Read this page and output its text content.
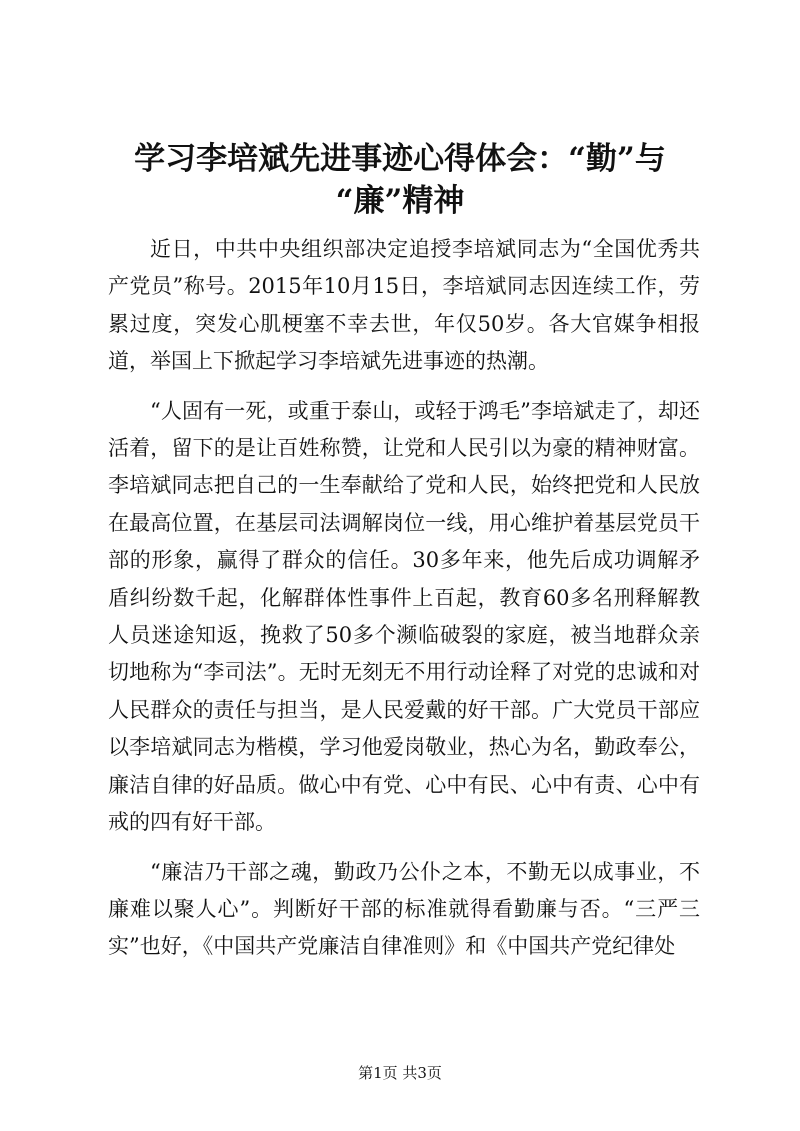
学习李培斌先进事迹心得体会：“勤”与
“廉”精神

近日，中共中央组织部决定追授李培斌同志为“全国优秀共产党员”称号。2015年10月15日，李培斌同志因连续工作，劳累过度，突发心肌梗塞不幸去世，年仅50岁。各大官媒争相报道，举国上下掀起学习李培斌先进事迹的热潮。

“人固有一死，或重于泰山，或轻于鸿毛”李培斌走了，却还活着，留下的是让百姓称赞，让党和人民引以为豪的精神财富。李培斌同志把自己的一生奉献给了党和人民，始终把党和人民放在最高位置，在基层司法调解岗位一线，用心维护着基层党员干部的形象，赢得了群众的信任。30多年来，他先后成功调解矛盾纠纷数千起，化解群体性事件上百起，教育60多名刑释解教人员迷途知返，挽救了50多个濒临破裂的家庭，被当地群众亲切地称为“李司法”。无时无刻无不用行动诠释了对党的忠诚和对人民群众的责任与担当，是人民爱戴的好干部。广大党员干部应以李培斌同志为楷模，学习他爱岗敬业，热心为名，勤政奉公，廉洁自律的好品质。做心中有党、心中有民、心中有责、心中有戒的四有好干部。

“廉洁乃干部之魂，勤政乃公仆之本，不勤无以成事业，不廉难以聚人心”。判断好干部的标准就得看勤廉与否。“三严三实”也好，《中国共产党廉洁自律准则》和《中国共产党纪律处

第1页 共3页
